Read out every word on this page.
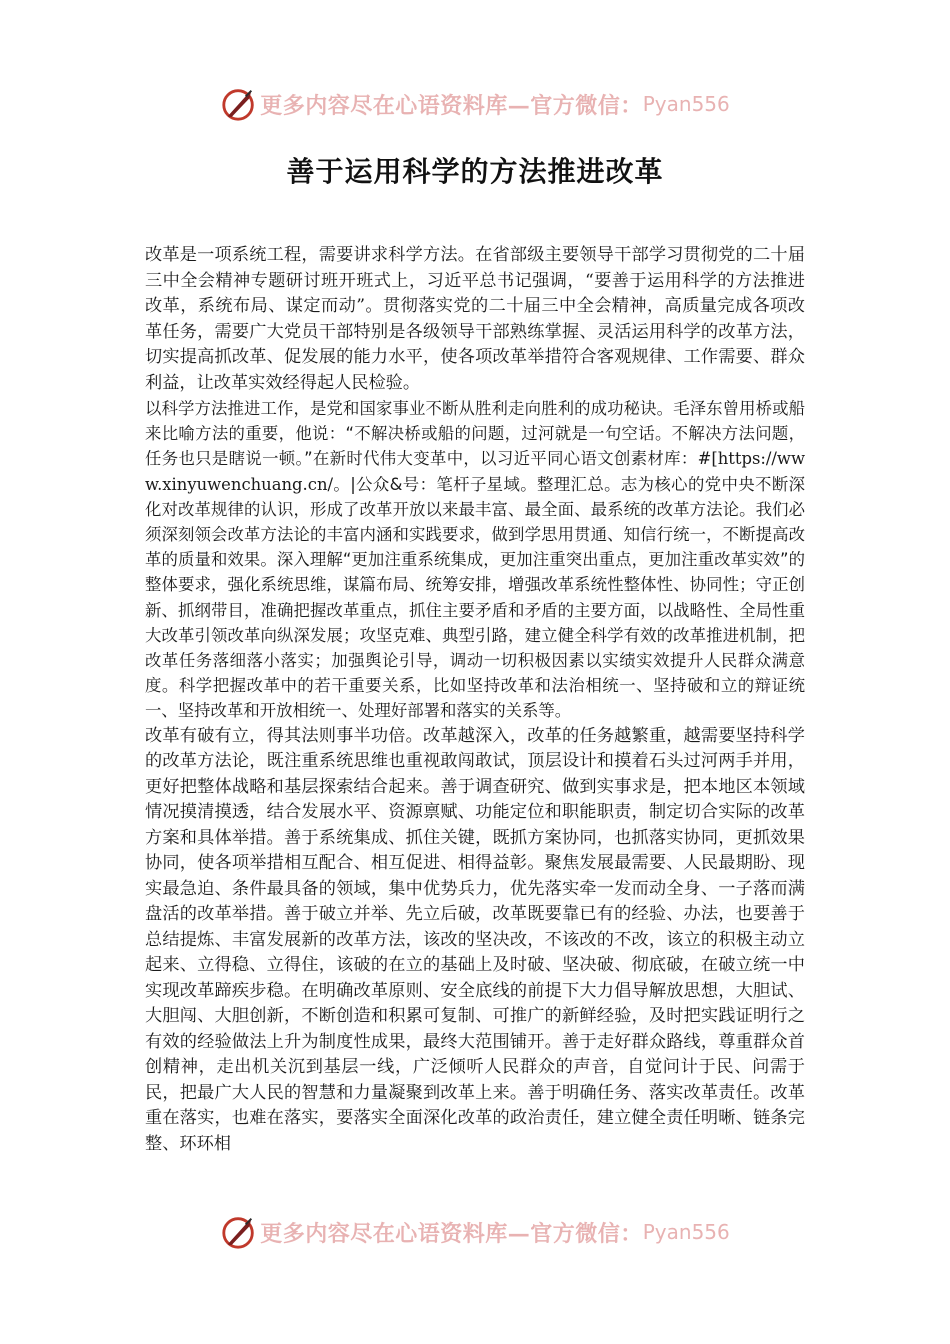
更多内容尽在心语资料库—官方微信： Pyan556
善于运用科学的方法推进改革

改革是一项系统工程，需要讲求科学方法。在省部级主要领导干部学习贯彻党的二十届三中全会精神专题研讨班开班式上，习近平总书记强调，“要善于运用科学的方法推进改革，系统布局、谋定而动”。贯彻落实党的二十届三中全会精神，高质量完成各项改革任务，需要广大党员干部特别是各级领导干部熟练掌握、灵活运用科学的改革方法，切实提高抓改革、促发展的能力水平，使各项改革举措符合客观规律、工作需要、群众利益，让改革实效经得起人民检验。

以科学方法推进工作，是党和国家事业不断从胜利走向胜利的成功秘诀。毛泽东曾用桥或船来比喻方法的重要，他说：“不解决桥或船的问题，过河就是一句空话。不解决方法问题，任务也只是瞎说一顿。”在新时代伟大变革中，以习近平同心语文创素材库：#[https://www.xinyuwenchuang.cn/。|公众&号：笔杆子星域。整理汇总。志为核心的党中央不断深化对改革规律的认识，形成了改革开放以来最丰富、最全面、最系统的改革方法论。我们必须深刻领会改革方法论的丰富内涵和实践要求，做到学思用贯通、知信行统一，不断提高改革的质量和效果。深入理解“更加注重系统集成，更加注重突出重点，更加注重改革实效”的整体要求，强化系统思维，谋篇布局、统筹安排，增强改革系统性整体性、协同性；守正创新、抓纲带目，准确把握改革重点，抓住主要矛盾和矛盾的主要方面，以战略性、全局性重大改革引领改革向纵深发展；攻坚克难、典型引路，建立健全科学有效的改革推进机制，把改革任务落细落小落实；加强舆论引导，调动一切积极因素以实绩实效提升人民群众满意度。科学把握改革中的若干重要关系，比如坚持改革和法治相统一、坚持破和立的辩证统一、坚持改革和开放相统一、处理好部署和落实的关系等。

改革有破有立，得其法则事半功倍。改革越深入，改革的任务越繁重，越需要坚持科学的改革方法论，既注重系统思维也重视敢闯敢试，顶层设计和摸着石头过河两手并用，更好把整体战略和基层探索结合起来。善于调查研究、做到实事求是，把本地区本领域情况摸清摸透，结合发展水平、资源禀赋、功能定位和职能职责，制定切合实际的改革方案和具体举措。善于系统集成、抓住关键，既抓方案协同，也抓落实协同，更抓效果协同，使各项举措相互配合、相互促进、相得益彰。聚焦发展最需要、人民最期盼、现实最急迫、条件最具备的领域，集中优势兵力，优先落实牵一发而动全身、一子落而满盘活的改革举措。善于破立并举、先立后破，改革既要靠已有的经验、办法，也要善于总结提炼、丰富发展新的改革方法，该改的坚决改，不该改的不改，该立的积极主动立起来、立得稳、立得住，该破的在立的基础上及时破、坚决破、彻底破，在破立统一中实现改革蹄疾步稳。在明确改革原则、安全底线的前提下大力倡导解放思想，大胆试、大胆闯、大胆创新，不断创造和积累可复制、可推广的新鲜经验，及时把实践证明行之有效的经验做法上升为制度性成果，最终大范围铺开。善于走好群众路线，尊重群众首创精神，走出机关沉到基层一线，广泛倾听人民群众的声音，自觉问计于民、问需于民，把最广大人民的智慧和力量凝聚到改革上来。善于明确任务、落实改革责任。改革重在落实，也难在落实，要落实全面深化改革的政治责任，建立健全责任明晰、链条完整、环环相

更多内容尽在心语资料库—官方微信： Pyan556
